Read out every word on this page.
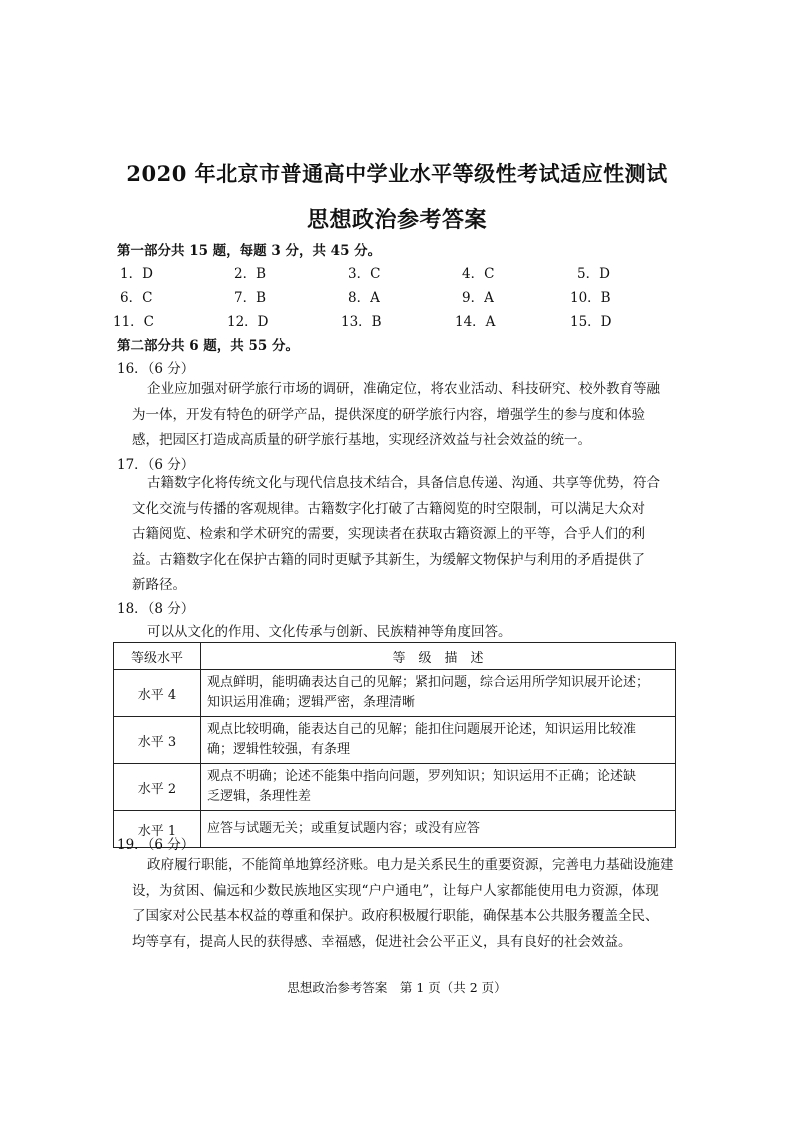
2020 年北京市普通高中学业水平等级性考试适应性测试
思想政治参考答案
第一部分共 15 题，每题 3 分，共 45 分。
1．D	2．B	3．C	4．C	5．D
6．C	7．B	8．A	9．A	10．B
11．C	12．D	13．B	14．A	15．D
第二部分共 6 题，共 55 分。
16．（6 分）
企业应加强对研学旅行市场的调研，准确定位，将农业活动、科技研究、校外教育等融
为一体，开发有特色的研学产品，提供深度的研学旅行内容，增强学生的参与度和体验
感，把园区打造成高质量的研学旅行基地，实现经济效益与社会效益的统一。
17．（6 分）
古籍数字化将传统文化与现代信息技术结合，具备信息传递、沟通、共享等优势，符合
文化交流与传播的客观规律。古籍数字化打破了古籍阅览的时空限制，可以满足大众对
古籍阅览、检索和学术研究的需要，实现读者在获取古籍资源上的平等，合乎人们的利
益。古籍数字化在保护古籍的同时更赋予其新生，为缓解文物保护与利用的矛盾提供了
新路径。
18．（8 分）
可以从文化的作用、文化传承与创新、民族精神等角度回答。
等级水平	等　级　描　述
水平 4	观点鲜明，能明确表达自己的见解；紧扣问题，综合运用所学知识展开论述；
知识运用准确；逻辑严密，条理清晰

水平 3	观点比较明确，能表达自己的见解；能扣住问题展开论述，知识运用比较准
确；逻辑性较强，有条理

水平 2	观点不明确；论述不能集中指向问题，罗列知识；知识运用不正确；论述缺
乏逻辑，条理性差

水平 1	应答与试题无关；或重复试题内容；或没有应答
19．（6 分）
政府履行职能，不能简单地算经济账。电力是关系民生的重要资源，完善电力基础设施建
设，为贫困、偏远和少数民族地区实现“户户通电”，让每户人家都能使用电力资源，体现
了国家对公民基本权益的尊重和保护。政府积极履行职能，确保基本公共服务覆盖全民、
均等享有，提高人民的获得感、幸福感，促进社会公平正义，具有良好的社会效益。
思想政治参考答案　第 1 页（共 2 页）
